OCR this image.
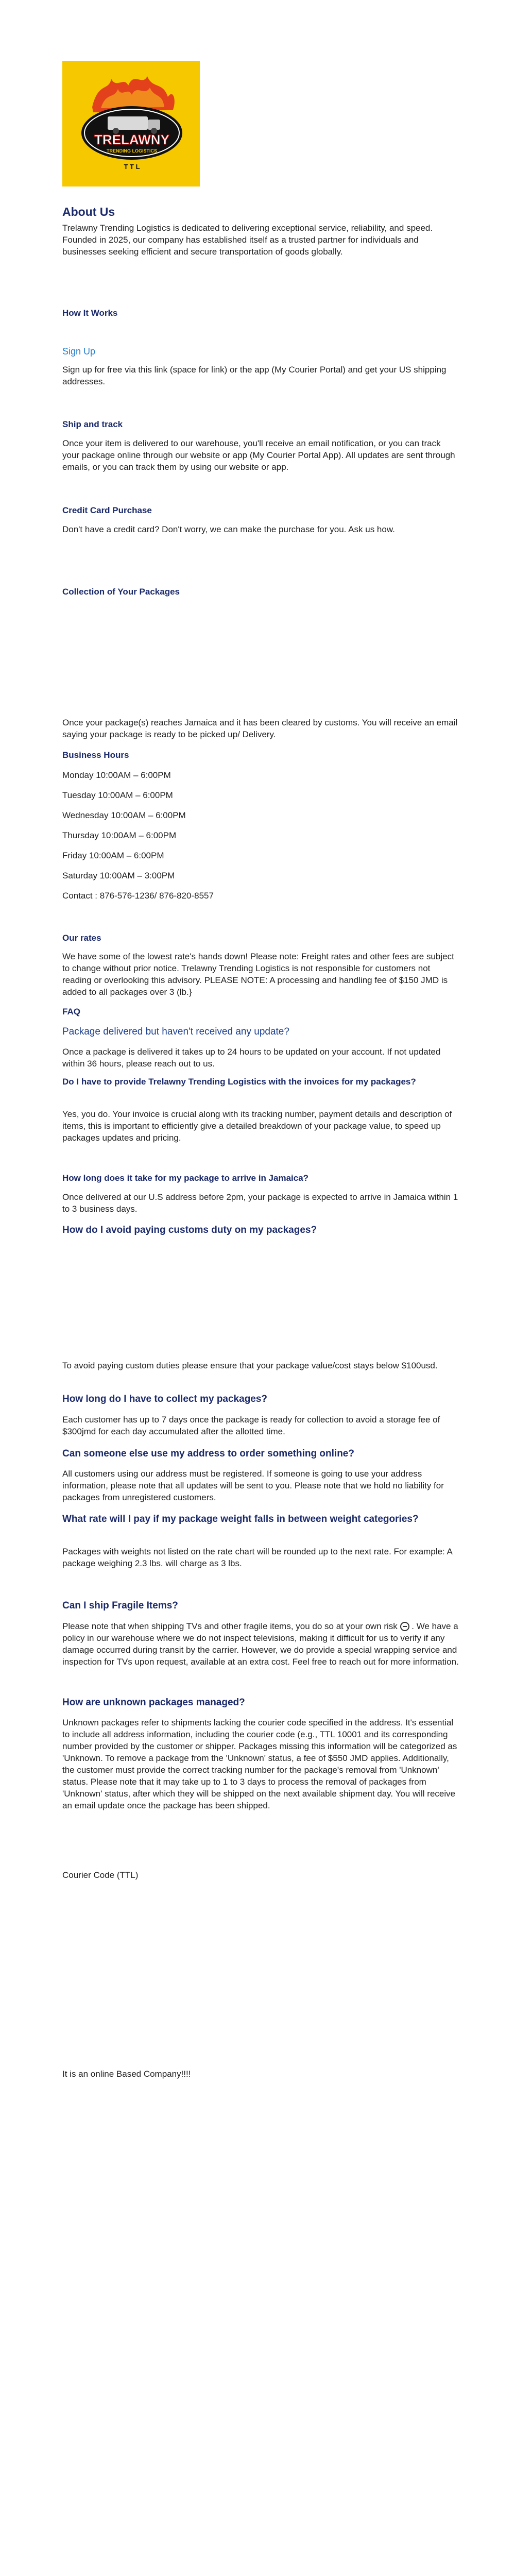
TRELAWNY
TRENDING LOGISTICS
T T L
About Us

Trelawny Trending Logistics is dedicated to delivering exceptional service, reliability, and speed. Founded in 2025, our company has established itself as a trusted partner for individuals and businesses seeking efficient and secure transportation of goods globally.

How It Works
Sign Up

Sign up for free via this link (space for link) or the app (My Courier Portal) and get your US shipping addresses.

Ship and track

Once your item is delivered to our warehouse, you'll receive an email notification, or you can track your package online through our website or app (My Courier Portal App). All updates are sent through emails, or you can track them by using our website or app.

Credit Card Purchase

Don't have a credit card? Don't worry, we can make the purchase for you. Ask us how.

Collection of Your Packages

Once your package(s) reaches Jamaica and it has been cleared by customs. You will receive an email saying your package is ready to be picked up/ Delivery.

Business Hours

Monday 10:00AM – 6:00PM

Tuesday 10:00AM – 6:00PM

Wednesday 10:00AM – 6:00PM

Thursday 10:00AM – 6:00PM

Friday 10:00AM – 6:00PM

Saturday 10:00AM – 3:00PM

Contact : 876-576-1236/ 876-820-8557

Our rates

We have some of the lowest rate's hands down! Please note: Freight rates and other fees are subject to change without prior notice. Trelawny Trending Logistics is not responsible for customers not reading or overlooking this advisory. PLEASE NOTE: A processing and handling fee of $150 JMD is added to all packages over 3 (lb.}

FAQ
Package delivered but haven't received any update?

Once a package is delivered it takes up to 24 hours to be updated on your account. If not updated within 36 hours, please reach out to us.

Do I have to provide Trelawny Trending Logistics with the invoices for my packages?

Yes, you do. Your invoice is crucial along with its tracking number, payment details and description of items, this is important to efficiently give a detailed breakdown of your package value, to speed up packages updates and pricing.

How long does it take for my package to arrive in Jamaica?

Once delivered at our U.S address before 2pm, your package is expected to arrive in Jamaica within 1 to 3 business days.

How do I avoid paying customs duty on my packages?

To avoid paying custom duties please ensure that your package value/cost stays below $100usd.

How long do I have to collect my packages?

Each customer has up to 7 days once the package is ready for collection to avoid a storage fee of $300jmd for each day accumulated after the allotted time.

Can someone else use my address to order something online?

All customers using our address must be registered. If someone is going to use your address information, please note that all updates will be sent to you. Please note that we hold no liability for packages from unregistered customers.

What rate will I pay if my package weight falls in between weight categories?

Packages with weights not listed on the rate chart will be rounded up to the next rate. For example: A package weighing 2.3 lbs. will charge as 3 lbs.

Can I ship Fragile Items?

Please note that when shipping TVs and other fragile items, you do so at your own risk . We have a policy in our warehouse where we do not inspect televisions, making it difficult for us to verify if any damage occurred during transit by the carrier. However, we do provide a special wrapping service and inspection for TVs upon request, available at an extra cost. Feel free to reach out for more information.

How are unknown packages managed?

Unknown packages refer to shipments lacking the courier code specified in the address. It's essential to include all address information, including the courier code (e.g., TTL 10001 and its corresponding number provided by the customer or shipper. Packages missing this information will be categorized as 'Unknown. To remove a package from the 'Unknown' status, a fee of $550 JMD applies. Additionally, the customer must provide the correct tracking number for the package's removal from 'Unknown' status. Please note that it may take up to 1 to 3 days to process the removal of packages from 'Unknown' status, after which they will be shipped on the next available shipment day. You will receive an email update once the package has been shipped.

Courier Code (TTL)

It is an online Based Company!!!!
